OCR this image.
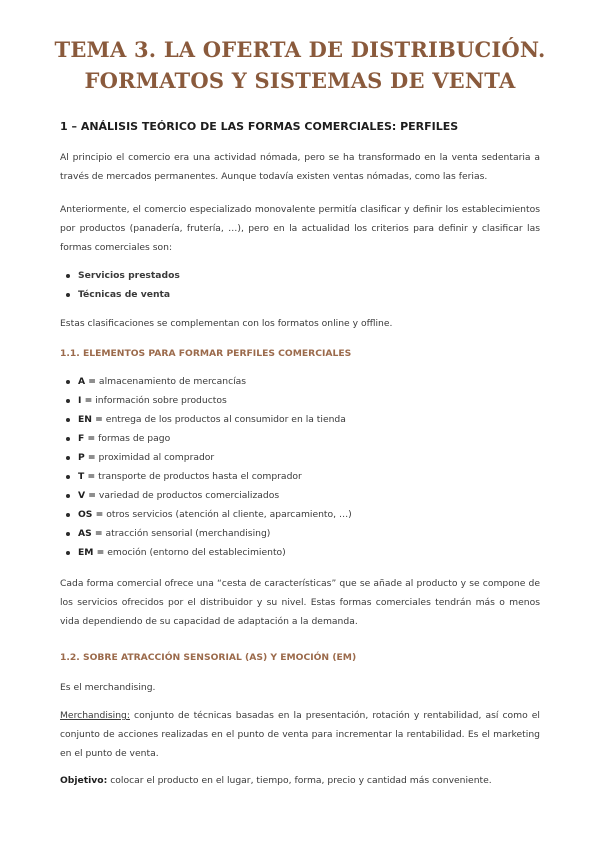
TEMA 3. LA OFERTA DE DISTRIBUCIÓN.
FORMATOS Y SISTEMAS DE VENTA
1 – ANÁLISIS TEÓRICO DE LAS FORMAS COMERCIALES: PERFILES
Al principio el comercio era una actividad nómada, pero se ha transformado en la venta sedentaria a través de mercados permanentes. Aunque todavía existen ventas nómadas, como las ferias.
Anteriormente, el comercio especializado monovalente permitía clasificar y definir los establecimientos por productos (panadería, frutería, …), pero en la actualidad los criterios para definir y clasificar las formas comerciales son:
Servicios prestados
Técnicas de venta
Estas clasificaciones se complementan con los formatos online y offline.
1.1. ELEMENTOS PARA FORMAR PERFILES COMERCIALES
A = almacenamiento de mercancías
I = información sobre productos
EN = entrega de los productos al consumidor en la tienda
F = formas de pago
P = proximidad al comprador
T = transporte de productos hasta el comprador
V = variedad de productos comercializados
OS = otros servicios (atención al cliente, aparcamiento, …)
AS = atracción sensorial (merchandising)
EM = emoción (entorno del establecimiento)
Cada forma comercial ofrece una “cesta de características” que se añade al producto y se compone de los servicios ofrecidos por el distribuidor y su nivel. Estas formas comerciales tendrán más o menos vida dependiendo de su capacidad de adaptación a la demanda.
1.2. SOBRE ATRACCIÓN SENSORIAL (AS) Y EMOCIÓN (EM)
Es el merchandising.
Merchandising: conjunto de técnicas basadas en la presentación, rotación y rentabilidad, así como el conjunto de acciones realizadas en el punto de venta para incrementar la rentabilidad. Es el marketing en el punto de venta.
Objetivo: colocar el producto en el lugar, tiempo, forma, precio y cantidad más conveniente.
